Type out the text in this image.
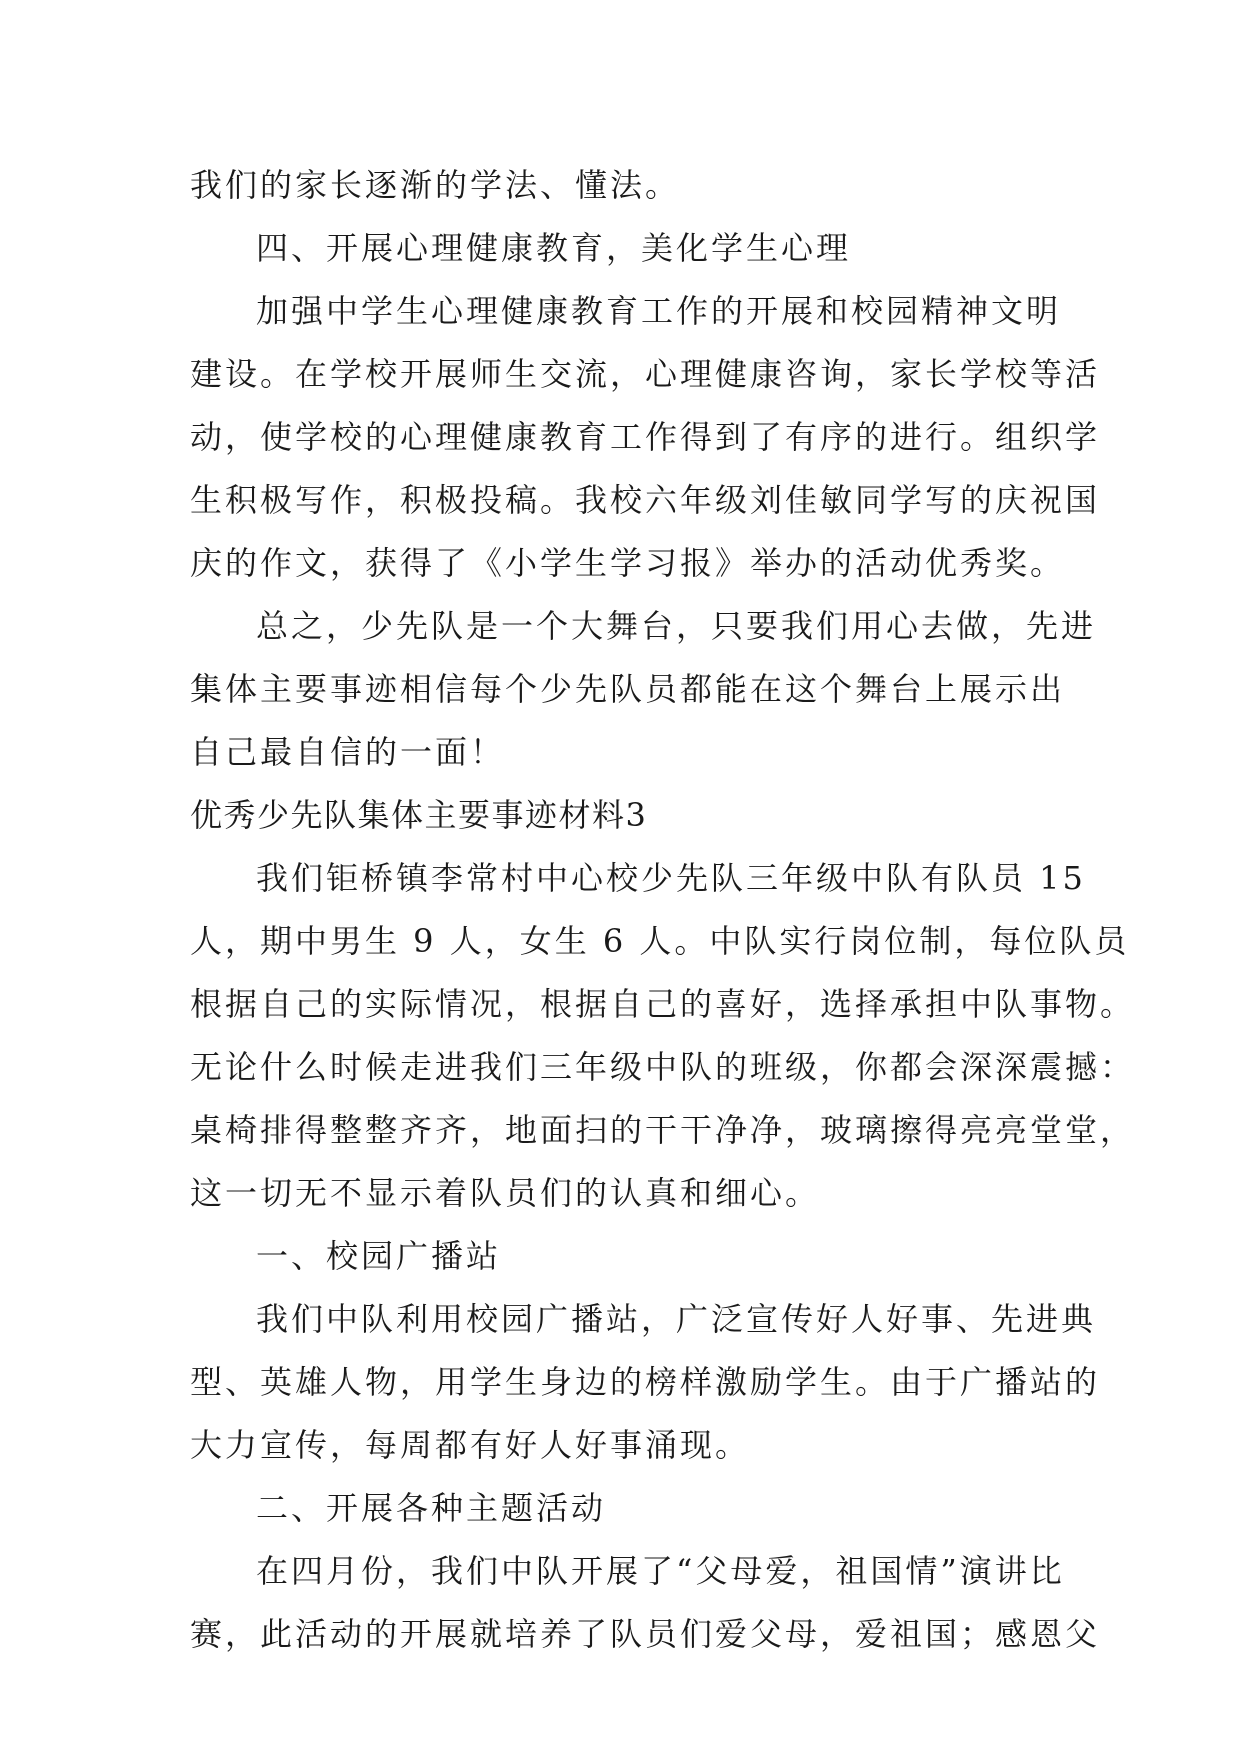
我们的家长逐渐的学法、懂法。
四、开展心理健康教育，美化学生心理
加强中学生心理健康教育工作的开展和校园精神文明
建设。在学校开展师生交流，心理健康咨询，家长学校等活
动，使学校的心理健康教育工作得到了有序的进行。组织学
生积极写作，积极投稿。我校六年级刘佳敏同学写的庆祝国
庆的作文，获得了《小学生学习报》举办的活动优秀奖。
总之，少先队是一个大舞台，只要我们用心去做，先进
集体主要事迹相信每个少先队员都能在这个舞台上展示出
自己最自信的一面！
优秀少先队集体主要事迹材料3
我们钜桥镇李常村中心校少先队三年级中队有队员 15
人，期中男生 9 人，女生 6 人。中队实行岗位制，每位队员
根据自己的实际情况，根据自己的喜好，选择承担中队事物。
无论什么时候走进我们三年级中队的班级，你都会深深震撼：
桌椅排得整整齐齐，地面扫的干干净净，玻璃擦得亮亮堂堂，
这一切无不显示着队员们的认真和细心。
一、校园广播站
我们中队利用校园广播站，广泛宣传好人好事、先进典
型、英雄人物，用学生身边的榜样激励学生。由于广播站的
大力宣传，每周都有好人好事涌现。
二、开展各种主题活动
在四月份，我们中队开展了“父母爱，祖国情”演讲比
赛，此活动的开展就培养了队员们爱父母，爱祖国；感恩父
